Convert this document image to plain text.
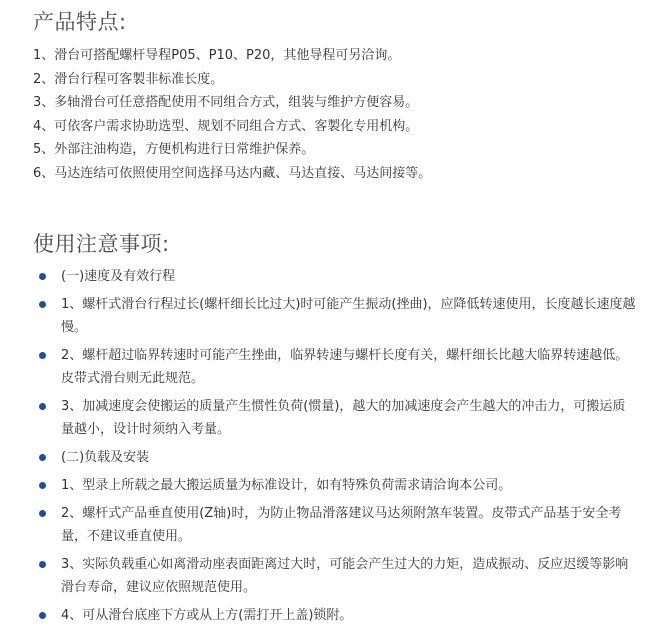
产品特点:
1、滑台可搭配螺杆导程P05、P10、P20，其他导程可另洽询。
2、滑台行程可客製非标准长度。
3、多轴滑台可任意搭配使用不同组合方式，组装与维护方便容易。
4、可依客户需求协助选型、规划不同组合方式、客製化专用机构。
5、外部注油构造，方便机构进行日常维护保养。
6、马达连结可依照使用空间选择马达内藏、马达直接、马达间接等。
使用注意事项:
(一)速度及有效行程
1、螺杆式滑台行程过长(螺杆细长比过大)时可能产生振动(挫曲)，应降低转速使用，长度越长速度越慢。
2、螺杆超过临界转速时可能产生挫曲，临界转速与螺杆长度有关，螺杆细长比越大临界转速越低。皮带式滑台则无此规范。
3、加减速度会使搬运的质量产生惯性负荷(惯量)，越大的加减速度会产生越大的冲击力，可搬运质量越小，设计时须纳入考量。
(二)负载及安装
1、型录上所载之最大搬运质量为标准设计，如有特殊负荷需求请洽询本公司。
2、螺杆式产品垂直使用(Z轴)时，为防止物品滑落建议马达须附煞车装置。皮带式产品基于安全考量，不建议垂直使用。
3、实际负载重心如离滑动座表面距离过大时，可能会产生过大的力矩，造成振动、反应迟缓等影响滑台寿命，建议应依照规范使用。
4、可从滑台底座下方或从上方(需打开上盖)锁附。
